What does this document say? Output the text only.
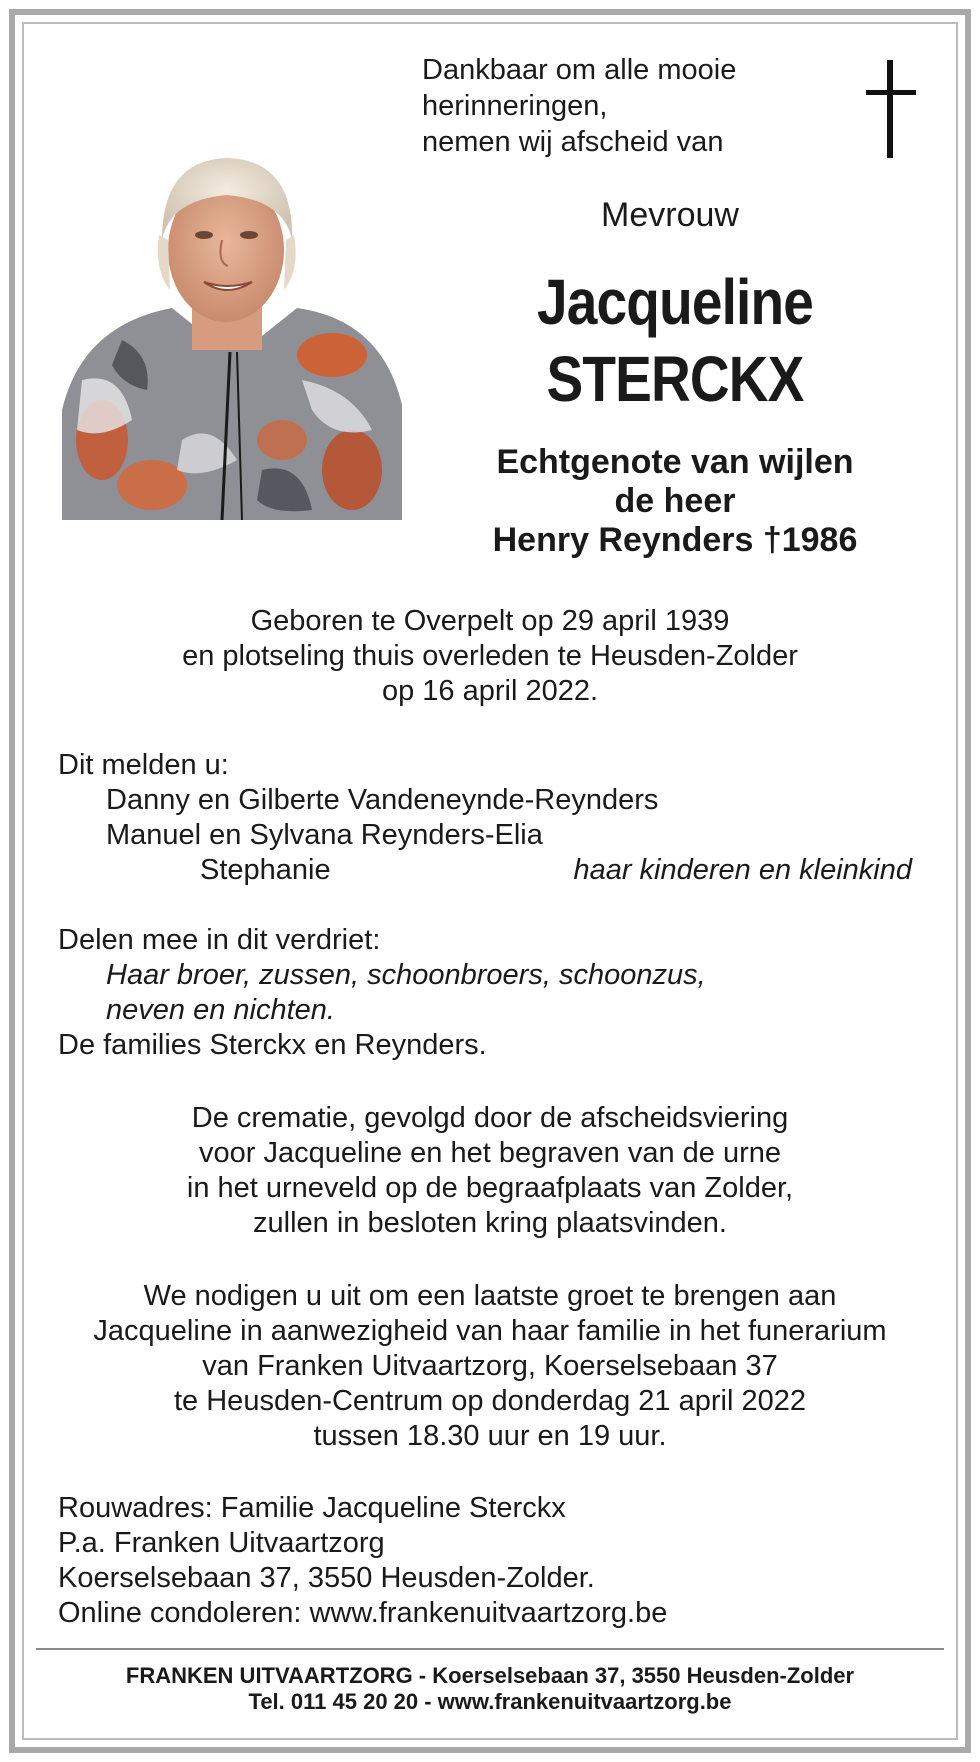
Dankbaar om alle mooie
herinneringen,
nemen wij afscheid van
Mevrouw
Jacqueline
STERCKX
Echtgenote van wijlen
de heer
Henry Reynders †1986
Geboren te Overpelt op 29 april 1939
en plotseling thuis overleden te Heusden-Zolder
op 16 april 2022.
Dit melden u:
Danny en Gilberte Vandeneynde-Reynders
Manuel en Sylvana Reynders-Elia
Stephanie	haar kinderen en kleinkind
Delen mee in dit verdriet:
Haar broer, zussen, schoonbroers, schoonzus,
neven en nichten.
De families Sterckx en Reynders.
De crematie, gevolgd door de afscheidsviering
voor Jacqueline en het begraven van de urne
in het urneveld op de begraafplaats van Zolder,
zullen in besloten kring plaatsvinden.
We nodigen u uit om een laatste groet te brengen aan
Jacqueline in aanwezigheid van haar familie in het funerarium
van Franken Uitvaartzorg, Koerselsebaan 37
te Heusden-Centrum op donderdag 21 april 2022
tussen 18.30 uur en 19 uur.
Rouwadres: Familie Jacqueline Sterckx
P.a. Franken Uitvaartzorg
Koerselsebaan 37, 3550 Heusden-Zolder.
Online condoleren: www.frankenuitvaartzorg.be
FRANKEN UITVAARTZORG - Koerselsebaan 37, 3550 Heusden-Zolder
Tel. 011 45 20 20 - www.frankenuitvaartzorg.be
